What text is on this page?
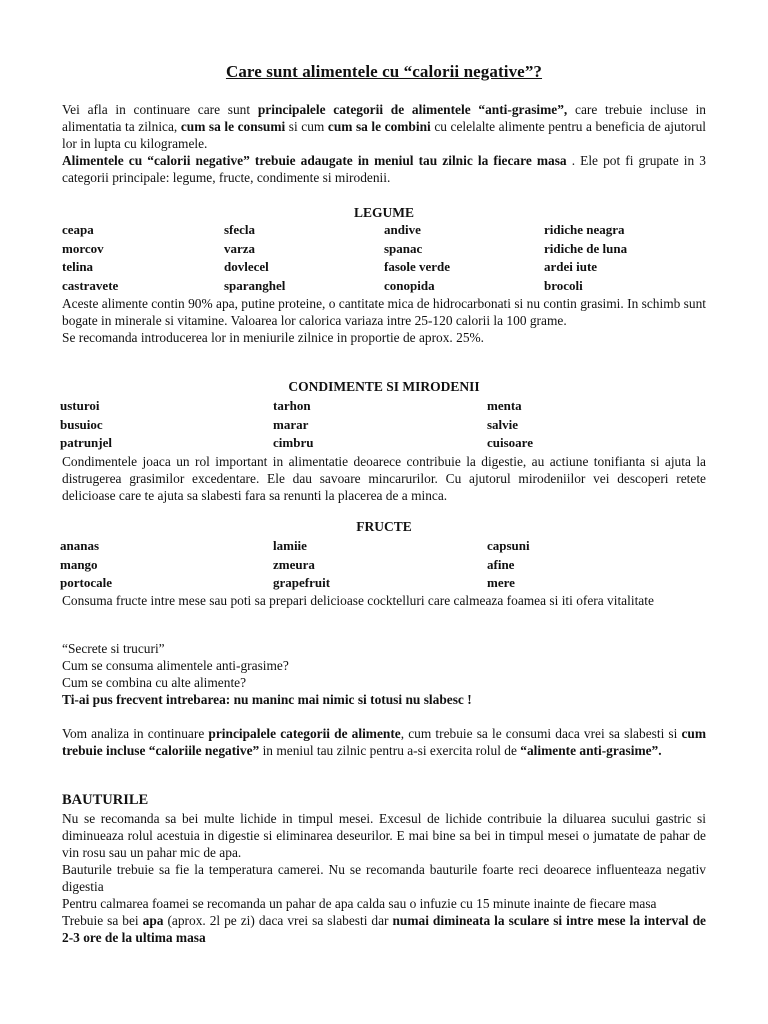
Care sunt alimentele cu “calorii negative”?
Vei afla in continuare care sunt principalele categorii de alimentele “anti-grasime”, care trebuie incluse in alimentatia ta zilnica, cum sa le consumi si cum cum sa le combini cu celelalte alimente pentru a beneficia de ajutorul lor in lupta cu kilogramele.
Alimentele cu “calorii negative” trebuie adaugate in meniul tau zilnic la fiecare masa . Ele pot fi grupate in 3 categorii principale: legume, fructe, condimente si mirodenii.
LEGUME
ceapa	sfecla	andive	ridiche neagra
morcov	varza	spanac	ridiche de luna
telina	dovlecel	fasole verde	ardei iute
castravete	sparanghel	conopida	brocoli
Aceste alimente contin 90% apa, putine proteine, o cantitate mica de hidrocarbonati si nu contin grasimi. In schimb sunt bogate in minerale si vitamine. Valoarea lor calorica variaza intre 25-120 calorii la 100 grame.
Se recomanda introducerea lor in meniurile zilnice in proportie de aprox. 25%.
CONDIMENTE SI MIRODENII
usturoi	tarhon	menta
busuioc	marar	salvie
patrunjel	cimbru	cuisoare
Condimentele joaca un rol important in alimentatie deoarece contribuie la digestie, au actiune tonifianta si ajuta la distrugerea grasimilor excedentare. Ele dau savoare mincarurilor. Cu ajutorul mirodeniilor vei descoperi retete delicioase care te ajuta sa slabesti fara sa renunti la placerea de a minca.
FRUCTE
ananas	lamiie	capsuni
mango	zmeura	afine
portocale	grapefruit	mere
Consuma fructe intre mese sau poti sa prepari delicioase cocktelluri care calmeaza foamea si iti ofera vitalitate
“Secrete si trucuri”
Cum se consuma alimentele anti-grasime?
Cum se combina cu alte alimente?
Ti-ai pus frecvent intrebarea: nu maninc mai nimic si totusi nu slabesc !
Vom analiza in continuare principalele categorii de alimente, cum trebuie sa le consumi daca vrei sa slabesti si cum trebuie incluse “caloriile negative” in meniul tau zilnic pentru a-si exercita rolul de “alimente anti-grasime”.
BAUTURILE
Nu se recomanda sa bei multe lichide in timpul mesei. Excesul de lichide contribuie la diluarea sucului gastric si diminueaza rolul acestuia in digestie si eliminarea deseurilor. E mai bine sa bei in timpul mesei o jumatate de pahar de vin rosu sau un pahar mic de apa.
Bauturile trebuie sa fie la temperatura camerei. Nu se recomanda bauturile foarte reci deoarece influenteaza negativ digestia
Pentru calmarea foamei se recomanda un pahar de apa calda sau o infuzie cu 15 minute inainte de fiecare masa
Trebuie sa bei apa (aprox. 2l pe zi) daca vrei sa slabesti dar numai dimineata la sculare si intre mese la interval de 2-3 ore de la ultima masa
